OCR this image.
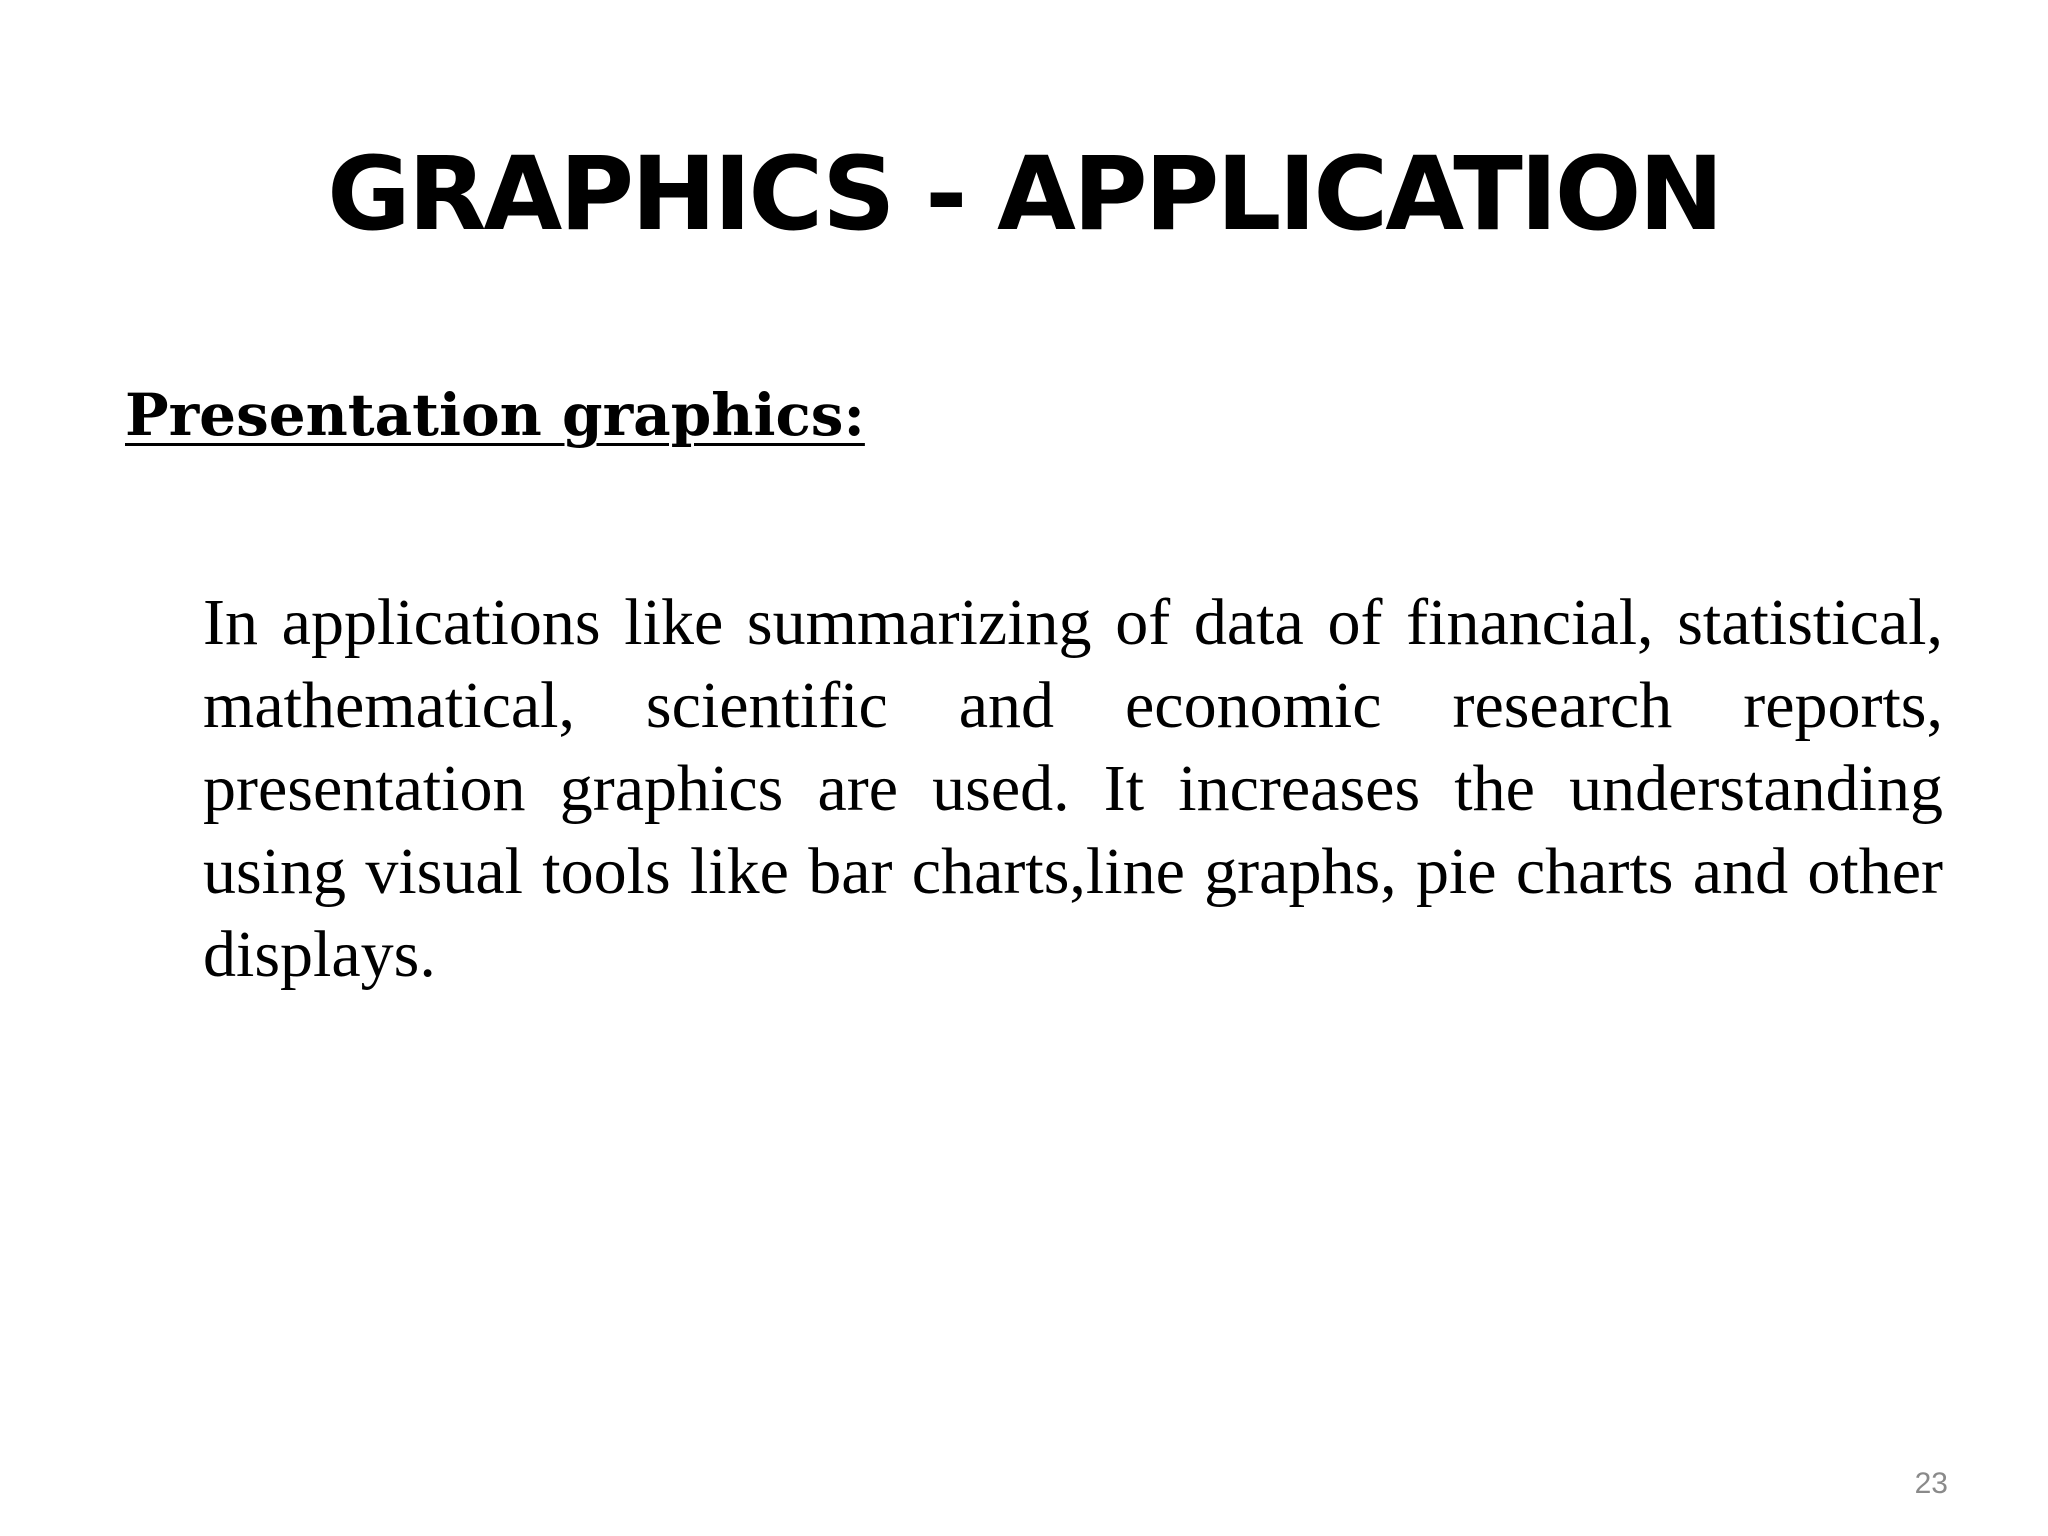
GRAPHICS - APPLICATION
Presentation graphics:

In applications like summarizing of data of financial, statistical, mathematical, scientific and economic research reports, presentation graphics are used. It increases the understanding using visual tools like bar charts,line graphs, pie charts and other displays.

23
